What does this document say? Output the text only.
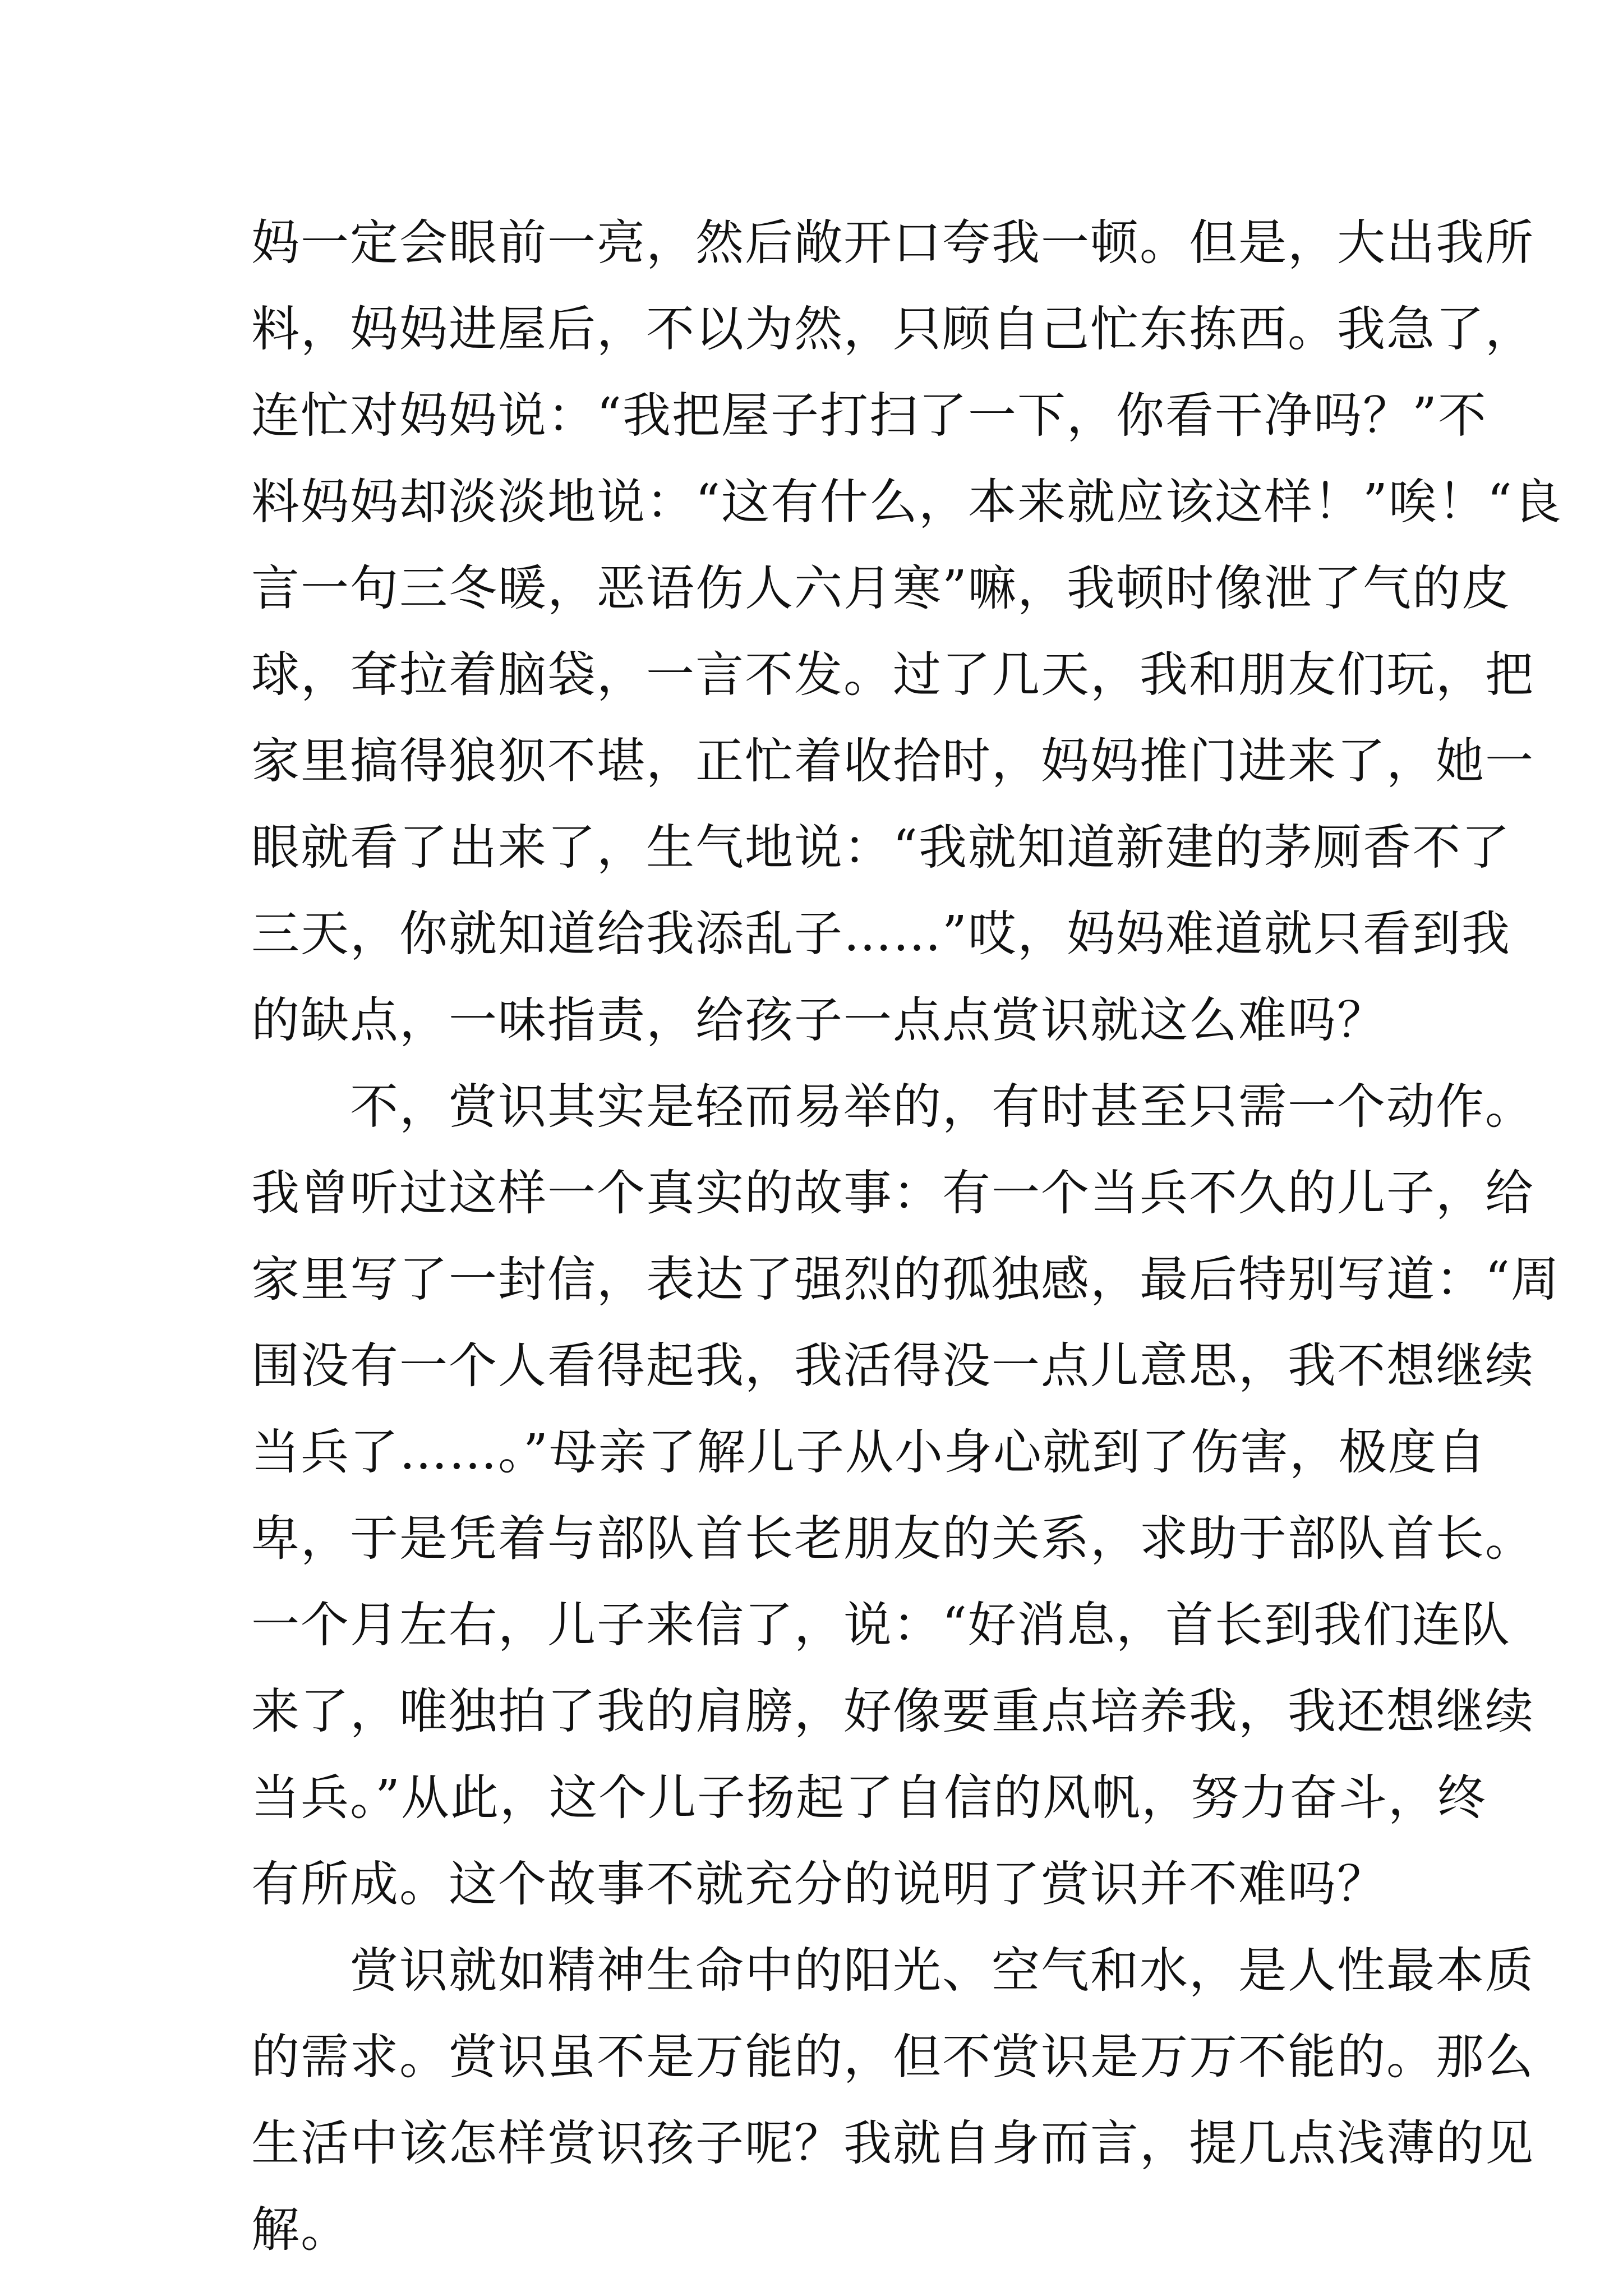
妈一定会眼前一亮，然后敞开口夸我一顿。但是，大出我所
料，妈妈进屋后，不以为然，只顾自己忙东拣西。我急了，
连忙对妈妈说：“我把屋子打扫了一下，你看干净吗？”不
料妈妈却淡淡地说：“这有什么，本来就应该这样！”唉！“良
言一句三冬暖，恶语伤人六月寒”嘛，我顿时像泄了气的皮
球，耷拉着脑袋，一言不发。过了几天，我和朋友们玩，把
家里搞得狼狈不堪，正忙着收拾时，妈妈推门进来了，她一
眼就看了出来了，生气地说：“我就知道新建的茅厕香不了
三天，你就知道给我添乱子……”哎，妈妈难道就只看到我
的缺点，一味指责，给孩子一点点赏识就这么难吗？
不，赏识其实是轻而易举的，有时甚至只需一个动作。
我曾听过这样一个真实的故事：有一个当兵不久的儿子，给
家里写了一封信，表达了强烈的孤独感，最后特别写道：“周
围没有一个人看得起我，我活得没一点儿意思，我不想继续
当兵了……。”母亲了解儿子从小身心就到了伤害，极度自
卑，于是凭着与部队首长老朋友的关系，求助于部队首长。
一个月左右，儿子来信了，说：“好消息，首长到我们连队
来了，唯独拍了我的肩膀，好像要重点培养我，我还想继续
当兵。”从此，这个儿子扬起了自信的风帆，努力奋斗，终
有所成。这个故事不就充分的说明了赏识并不难吗？
赏识就如精神生命中的阳光、空气和水，是人性最本质
的需求。赏识虽不是万能的，但不赏识是万万不能的。那么
生活中该怎样赏识孩子呢？我就自身而言，提几点浅薄的见
解。
